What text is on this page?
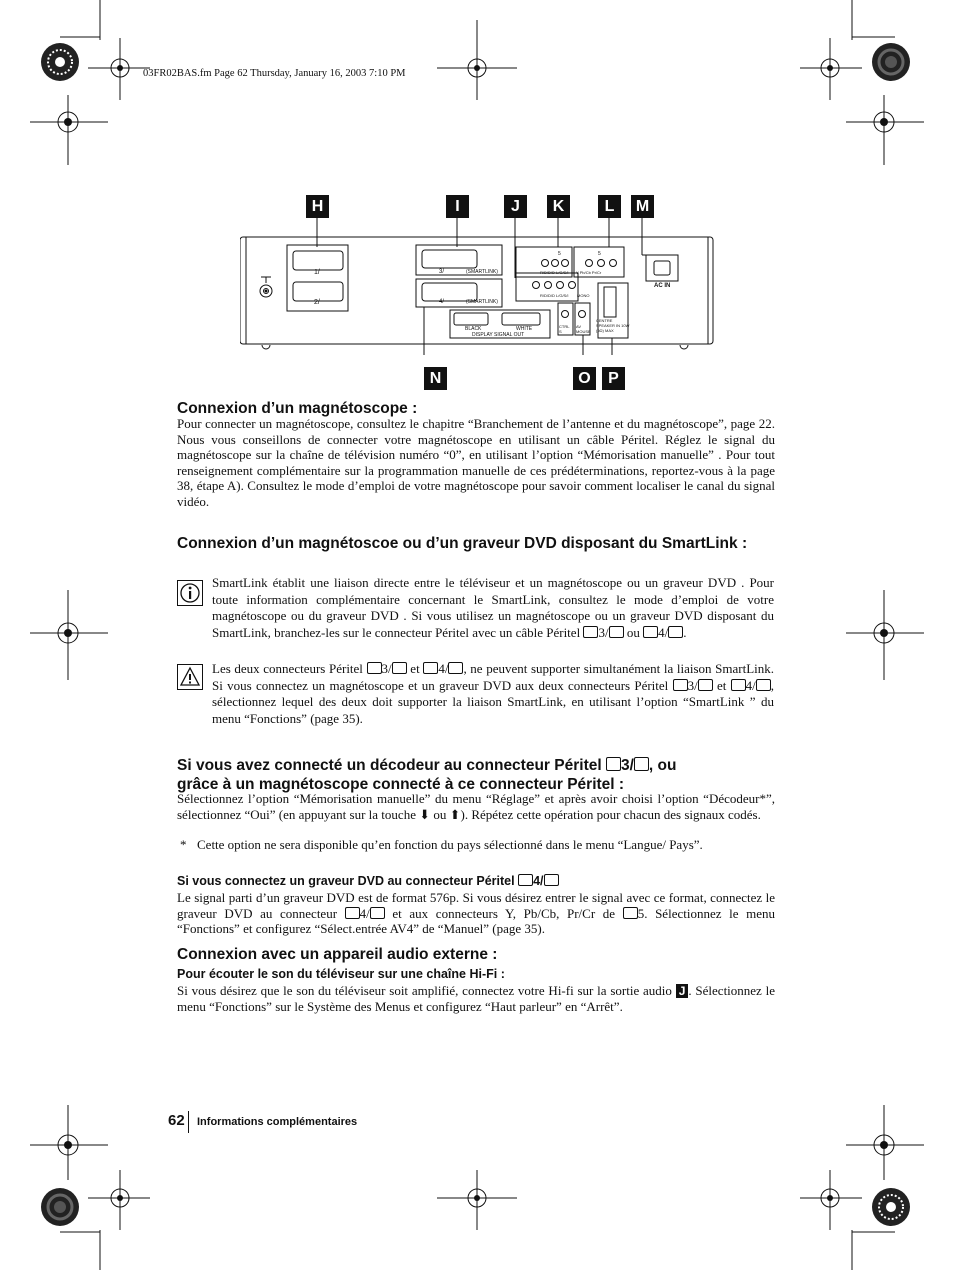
03FR02BAS.fm Page 62 Thursday, January 16, 2003 7:10 PM
H	I	J	K	L	M
1/
2/
3/	(SMARTLINK)
4/	(SMARTLINK)
BLACK	WHITE
DISPLAY SIGNAL OUT
R/D/D/D L/G/S/I
R/D/D/D L/G/S/I
Y Pb/Cb Pr/Cr
5	5
MONO
CTRL S
AV MOUSE
CENTRE SPEAKER IN 10W (6Ω) MAX
AC IN
N	O	P
Connexion d’un magnétoscope :

Pour connecter un magnétoscope, consultez le chapitre “Branchement de l’antenne et du magnétoscope”, page 22. Nous vous conseillons de connecter votre magnétoscope en utilisant un câble Péritel. Réglez le signal du magnétoscope sur la chaîne de télévision numéro “0”, en utilisant l’option “Mémorisation manuelle” . Pour tout renseignement complémentaire sur la programmation manuelle de ces prédéterminations, reportez-vous à la page 38, étape A). Consultez le mode d’emploi de votre magnétoscope pour savoir comment localiser le canal du signal vidéo.

Connexion d’un magnétoscoe ou d’un graveur DVD disposant du SmartLink :

SmartLink établit une liaison directe entre le téléviseur et un magnétoscope ou un graveur DVD . Pour toute information complémentaire concernant le SmartLink, consultez le mode d’emploi de votre magnétoscope ou du graveur DVD . Si vous utilisez un magnétoscope ou un graveur DVD disposant du SmartLink, branchez-les sur le connecteur Péritel avec un câble Péritel 3/ ou 4/ .

Les deux connecteurs Péritel 3/ et 4/ , ne peuvent supporter simultanément la liaison SmartLink. Si vous connectez un magnétoscope et un graveur DVD aux deux connecteurs Péritel 3/ et 4/ , sélectionnez lequel des deux doit supporter la liaison SmartLink, en utilisant l’option “SmartLink ” du menu “Fonctions” (page 35).

Si vous avez connecté un décodeur au connecteur Péritel 3/ , ou
grâce à un magnétoscope connecté à ce connecteur Péritel :

Sélectionnez l’option “Mémorisation manuelle” du menu “Réglage” et après avoir choisi l’option “Décodeur*”, sélectionnez “Oui” (en appuyant sur la touche ⬇ ou ⬆). Répétez cette opération pour chacun des signaux codés.

* Cette option ne sera disponible qu’en fonction du pays sélectionné dans le menu “Langue/ Pays”.

Si vous connectez un graveur DVD au connecteur Péritel 4/

Le signal parti d’un graveur DVD est de format 576p. Si vous désirez entrer le signal avec ce format, connectez le graveur DVD au connecteur 4/ et aux connecteurs Y, Pb/Cb, Pr/Cr de 5. Sélectionnez le menu “Fonctions” et configurez “Sélect.entrée AV4” de “Manuel” (page 35).

Connexion avec un appareil audio externe :
Pour écouter le son du téléviseur sur une chaîne Hi-Fi :

Si vous désirez que le son du téléviseur soit amplifié, connectez votre Hi-fi sur la sortie audio J . Sélectionnez le menu “Fonctions” sur le Système des Menus et configurez “Haut parleur” en “Arrêt”.

62 Informations complémentaires
